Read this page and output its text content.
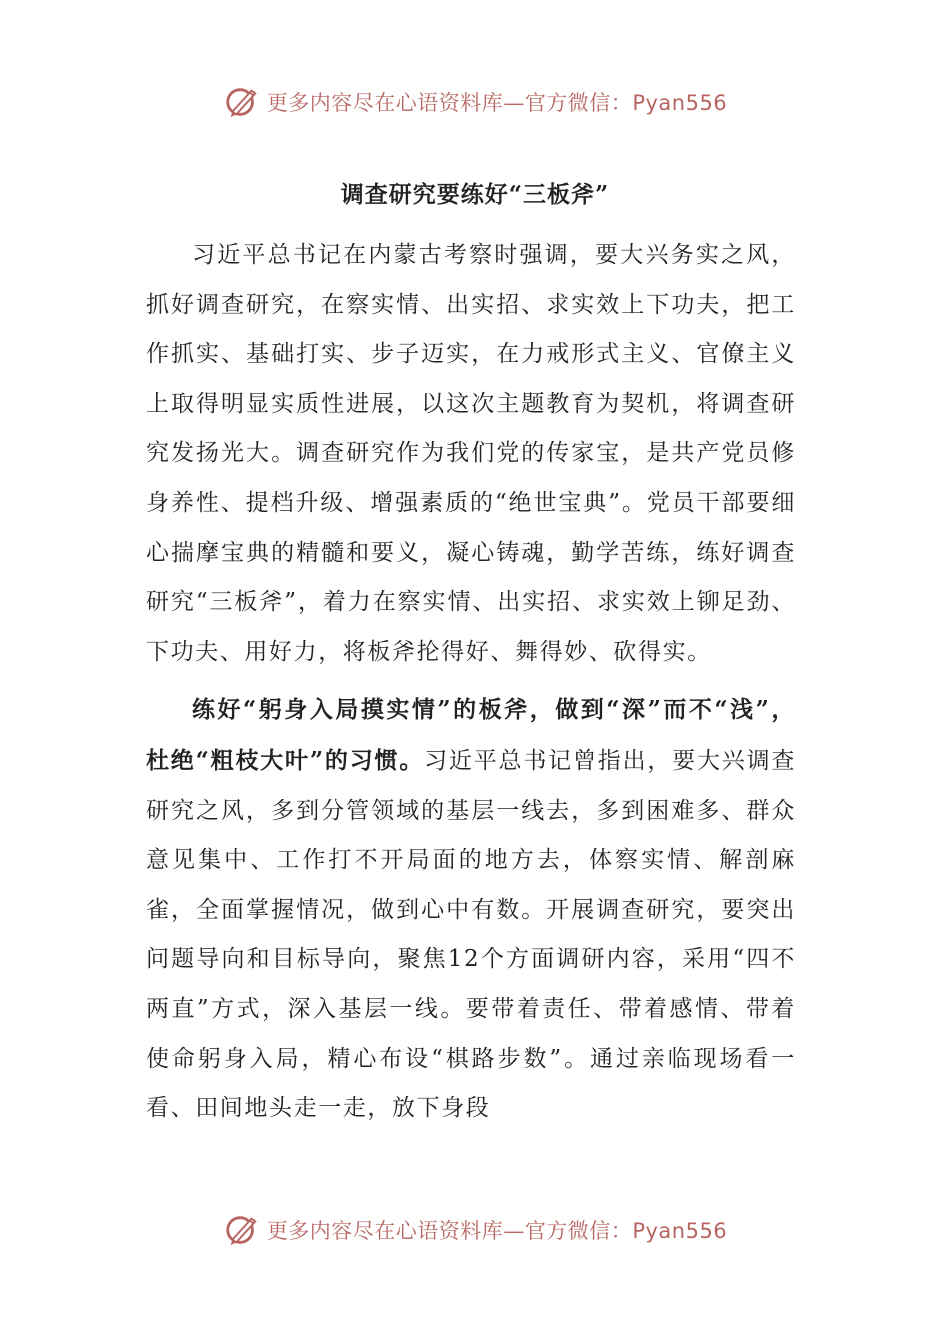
更多内容尽在心语资料库—官方微信：Pyan556
调查研究要练好“三板斧”

习近平总书记在内蒙古考察时强调，要大兴务实之风，抓好调查研究，在察实情、出实招、求实效上下功夫，把工作抓实、基础打实、步子迈实，在力戒形式主义、官僚主义上取得明显实质性进展，以这次主题教育为契机，将调查研究发扬光大。调查研究作为我们党的传家宝，是共产党员修身养性、提档升级、增强素质的“绝世宝典”。党员干部要细心揣摩宝典的精髓和要义，凝心铸魂，勤学苦练，练好调查研究“三板斧”，着力在察实情、出实招、求实效上铆足劲、下功夫、用好力，将板斧抡得好、舞得妙、砍得实。

练好“躬身入局摸实情”的板斧，做到“深”而不“浅”，杜绝“粗枝大叶”的习惯。习近平总书记曾指出，要大兴调查研究之风，多到分管领域的基层一线去，多到困难多、群众意见集中、工作打不开局面的地方去，体察实情、解剖麻雀，全面掌握情况，做到心中有数。开展调查研究，要突出问题导向和目标导向，聚焦12个方面调研内容，采用“四不两直”方式，深入基层一线。要带着责任、带着感情、带着使命躬身入局，精心布设“棋路步数”。通过亲临现场看一看、田间地头走一走，放下身段

更多内容尽在心语资料库—官方微信：Pyan556
